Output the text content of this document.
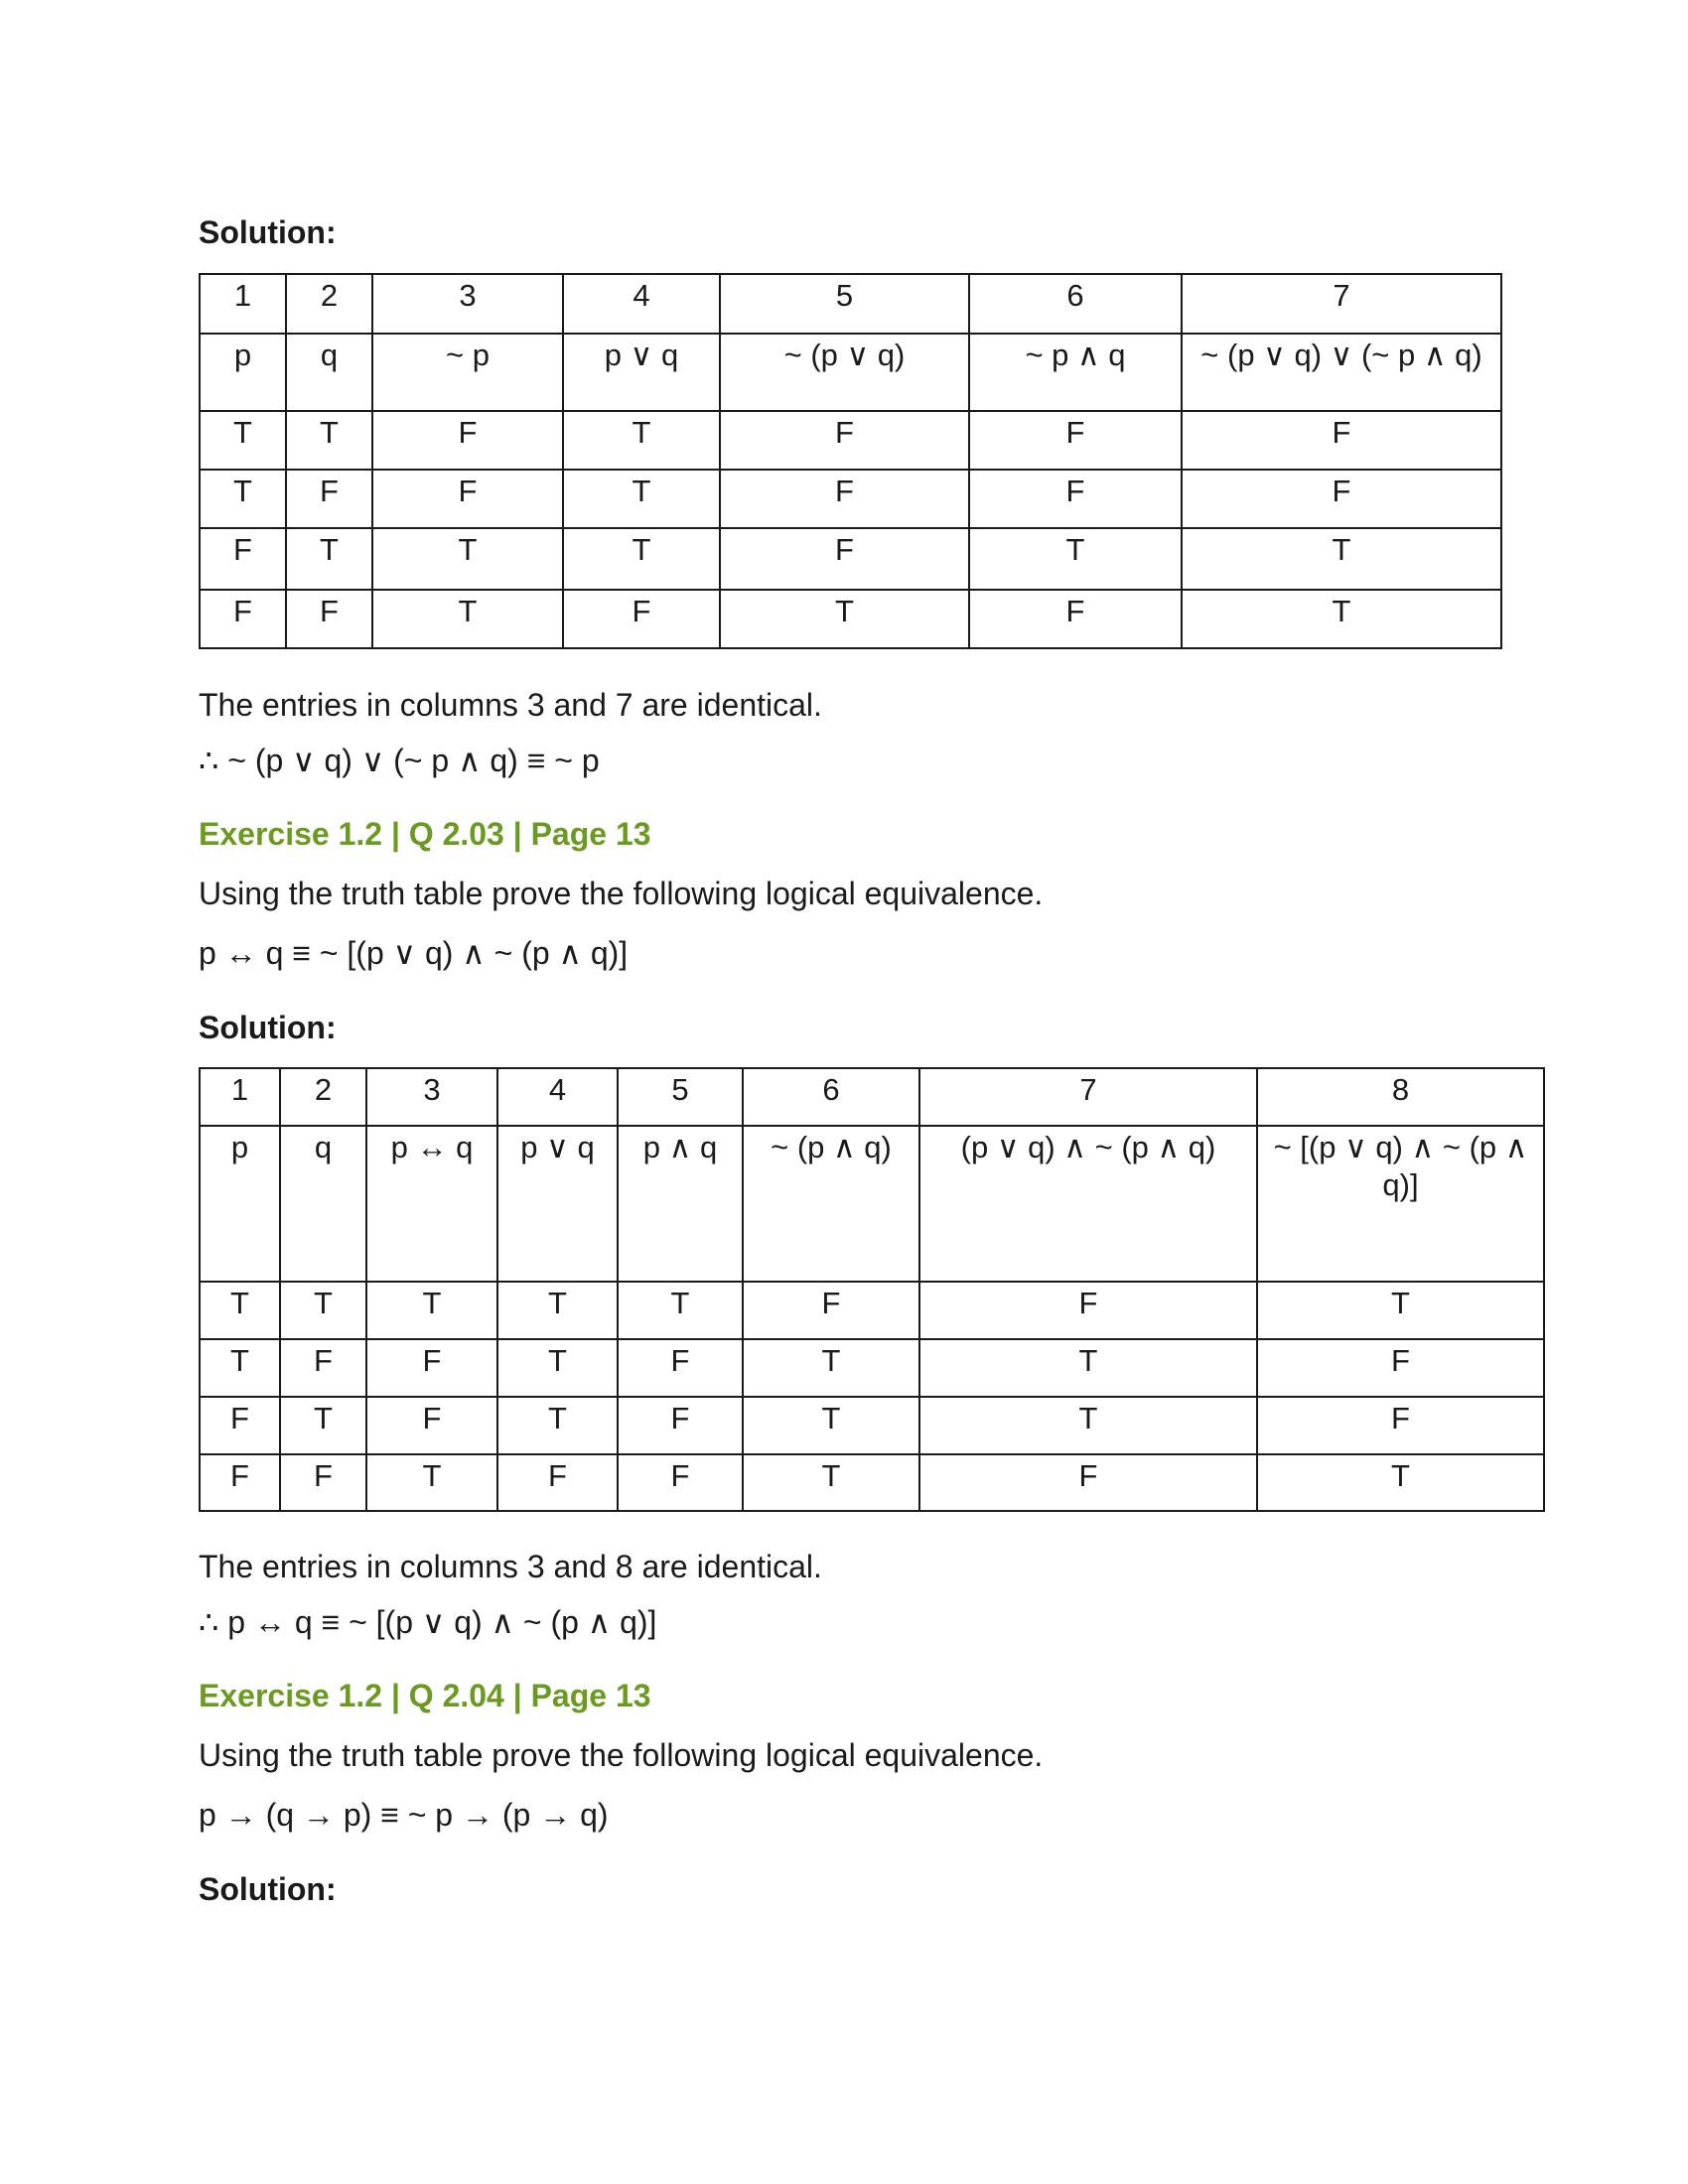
Solution:

1	2	3	4	5	6	7
p	q	~ p	p ∨ q	~ (p ∨ q)	~ p ∧ q	~ (p ∨ q) ∨ (~ p ∧ q)
T	T	F	T	F	F	F
T	F	F	T	F	F	F
F	T	T	T	F	T	T
F	F	T	F	T	F	T

The entries in columns 3 and 7 are identical.

∴ ~ (p ∨ q) ∨ (~ p ∧ q) ≡ ~ p

Exercise 1.2 | Q 2.03 | Page 13

Using the truth table prove the following logical equivalence.

p ↔ q ≡ ~ [(p ∨ q) ∧ ~ (p ∧ q)]

Solution:

1	2	3	4	5	6	7	8
p	q	p ↔ q	p ∨ q	p ∧ q	~ (p ∧ q)	(p ∨ q) ∧ ~ (p ∧ q)	~ [(p ∨ q) ∧ ~ (p ∧ q)]
T	T	T	T	T	F	F	T
T	F	F	T	F	T	T	F
F	T	F	T	F	T	T	F
F	F	T	F	F	T	F	T

The entries in columns 3 and 8 are identical.

∴ p ↔ q ≡ ~ [(p ∨ q) ∧ ~ (p ∧ q)]

Exercise 1.2 | Q 2.04 | Page 13

Using the truth table prove the following logical equivalence.

p → (q → p) ≡ ~ p → (p → q)

Solution:
